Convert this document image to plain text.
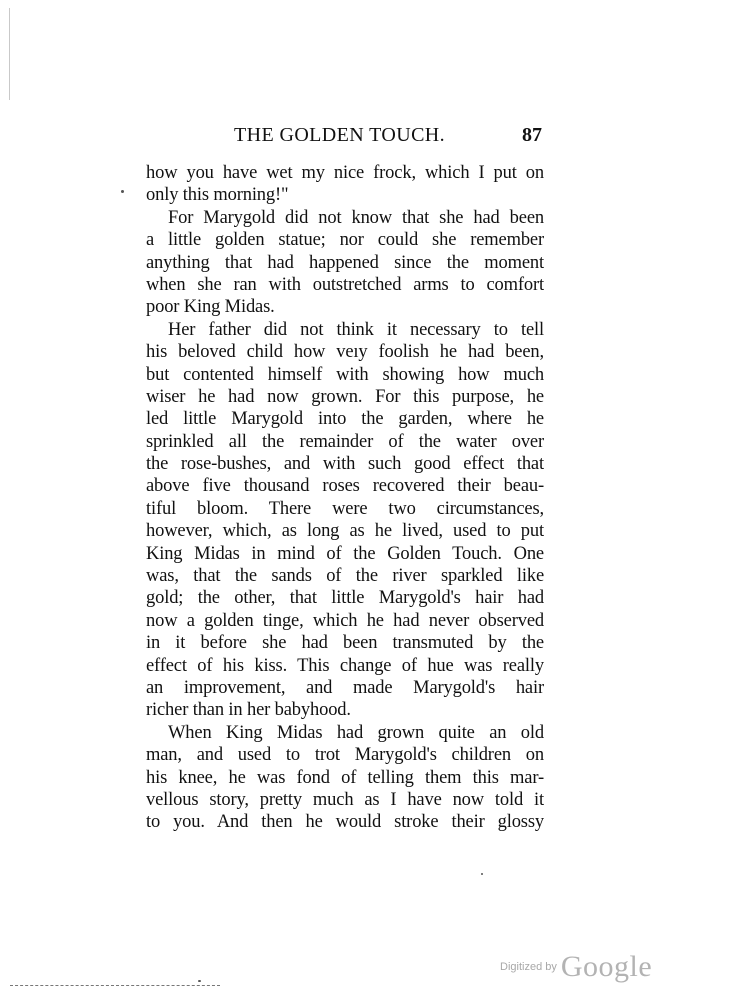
THE GOLDEN TOUCH.	87
how you have wet my nice frock, which I put on
only this morning!"
For Marygold did not know that she had been
a little golden statue; nor could she remember
anything that had happened since the moment
when she ran with outstretched arms to comfort
poor King Midas.
Her father did not think it necessary to tell
his beloved child how veıy foolish he had been,
but contented himself with showing how much
wiser he had now grown. For this purpose, he
led little Marygold into the garden, where he
sprinkled all the remainder of the water over
the rose-bushes, and with such good effect that
above five thousand roses recovered their beau-
tiful bloom. There were two circumstances,
however, which, as long as he lived, used to put
King Midas in mind of the Golden Touch. One
was, that the sands of the river sparkled like
gold; the other, that little Marygold's hair had
now a golden tinge, which he had never observed
in it before she had been transmuted by the
effect of his kiss. This change of hue was really
an improvement, and made Marygold's hair
richer than in her babyhood.
When King Midas had grown quite an old
man, and used to trot Marygold's children on
his knee, he was fond of telling them this mar-
vellous story, pretty much as I have now told it
to you. And then he would stroke their glossy
$^{Digitized by}$ Google
